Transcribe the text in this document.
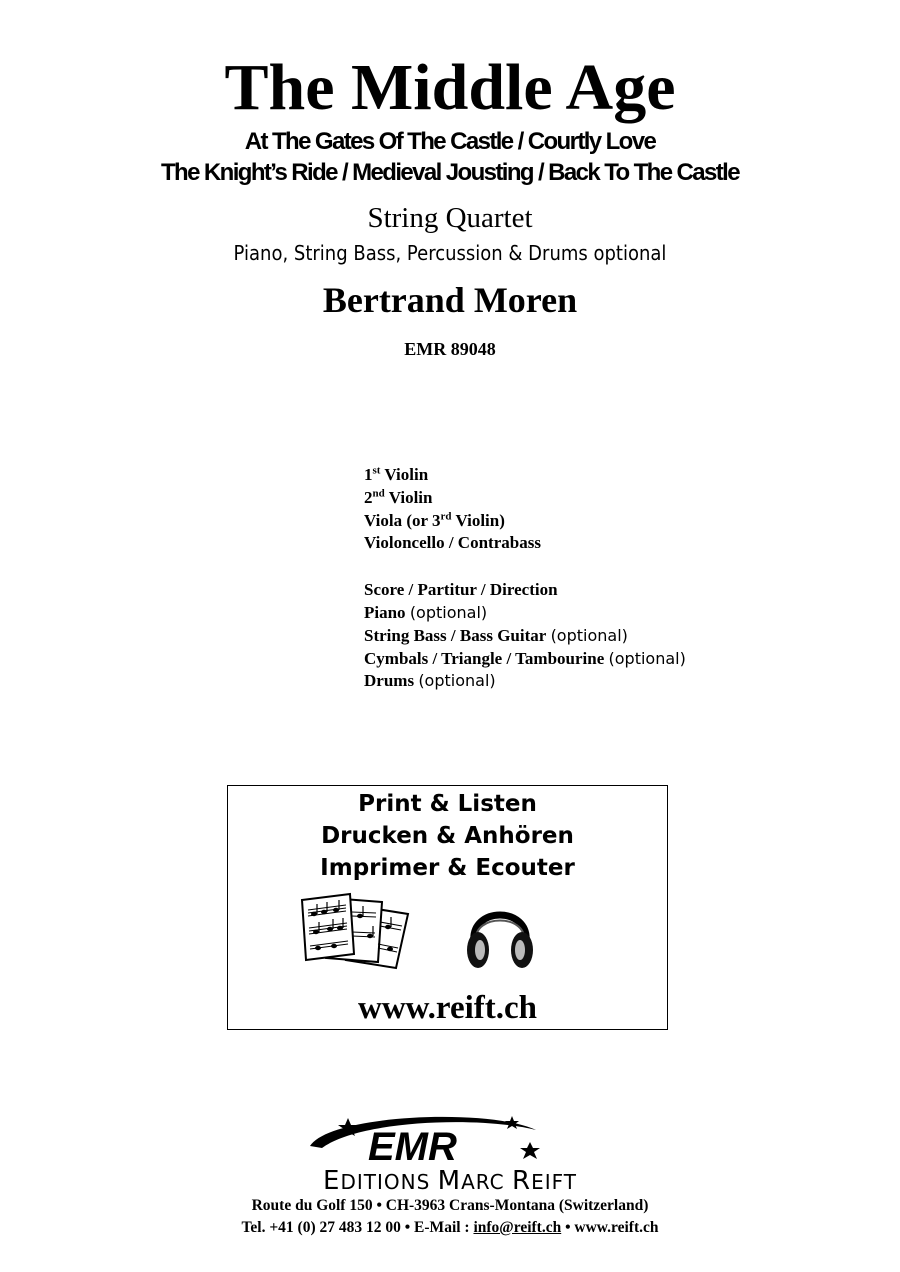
The Middle Age
At The Gates Of The Castle / Courtly Love
The Knight’s Ride / Medieval Jousting / Back To The Castle
String Quartet
Piano, String Bass, Percussion & Drums optional
Bertrand Moren
EMR 89048
1st Violin
2nd Violin
Viola (or 3rd Violin)
Violoncello / Contrabass
Score / Partitur / Direction
Piano (optional)
String Bass / Bass Guitar (optional)
Cymbals / Triangle / Tambourine (optional)
Drums (optional)
Print & Listen
Drucken & Anhören
Imprimer & Ecouter
www.reift.ch
EMR
EDITIONS MARC REIFT
Route du Golf 150 • CH-3963 Crans-Montana (Switzerland)
Tel. +41 (0) 27 483 12 00 • E-Mail : info@reift.ch • www.reift.ch
